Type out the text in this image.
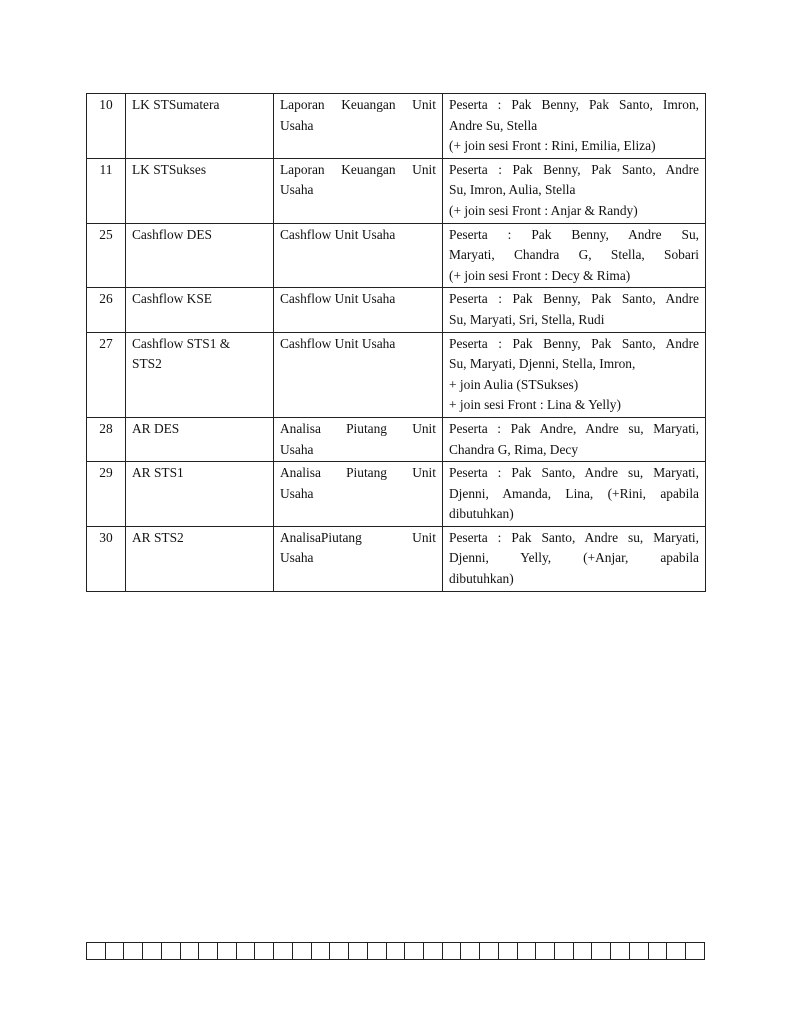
10	LK STSumatera	Laporan Keuangan Unit
Usaha	Peserta : Pak Benny, Pak Santo, Imron,
Andre Su, Stella
(+ join sesi Front : Rini, Emilia, Eliza)

11	LK STSukses	Laporan Keuangan Unit
Usaha	Peserta : Pak Benny, Pak Santo, Andre
Su, Imron, Aulia, Stella
(+ join sesi Front : Anjar & Randy)

25	Cashflow DES	Cashflow Unit Usaha	Peserta : Pak Benny, Andre Su,
Maryati, Chandra G, Stella, Sobari
(+ join sesi Front : Decy & Rima)

26	Cashflow KSE	Cashflow Unit Usaha	Peserta : Pak Benny, Pak Santo, Andre
Su, Maryati, Sri, Stella, Rudi

27	Cashflow STS1 &
STS2	Cashflow Unit Usaha	Peserta : Pak Benny, Pak Santo, Andre
Su, Maryati, Djenni, Stella, Imron,
+ join Aulia (STSukses)
+ join sesi Front : Lina & Yelly)

28	AR DES	Analisa Piutang Unit
Usaha	Peserta : Pak Andre, Andre su, Maryati,
Chandra G, Rima, Decy

29	AR STS1	Analisa Piutang Unit
Usaha	Peserta : Pak Santo, Andre su, Maryati,
Djenni, Amanda, Lina, (+Rini, apabila
dibutuhkan)

30	AR STS2	AnalisaPiutang Unit
Usaha	Peserta : Pak Santo, Andre su, Maryati,
Djenni, Yelly, (+Anjar, apabila
dibutuhkan)
